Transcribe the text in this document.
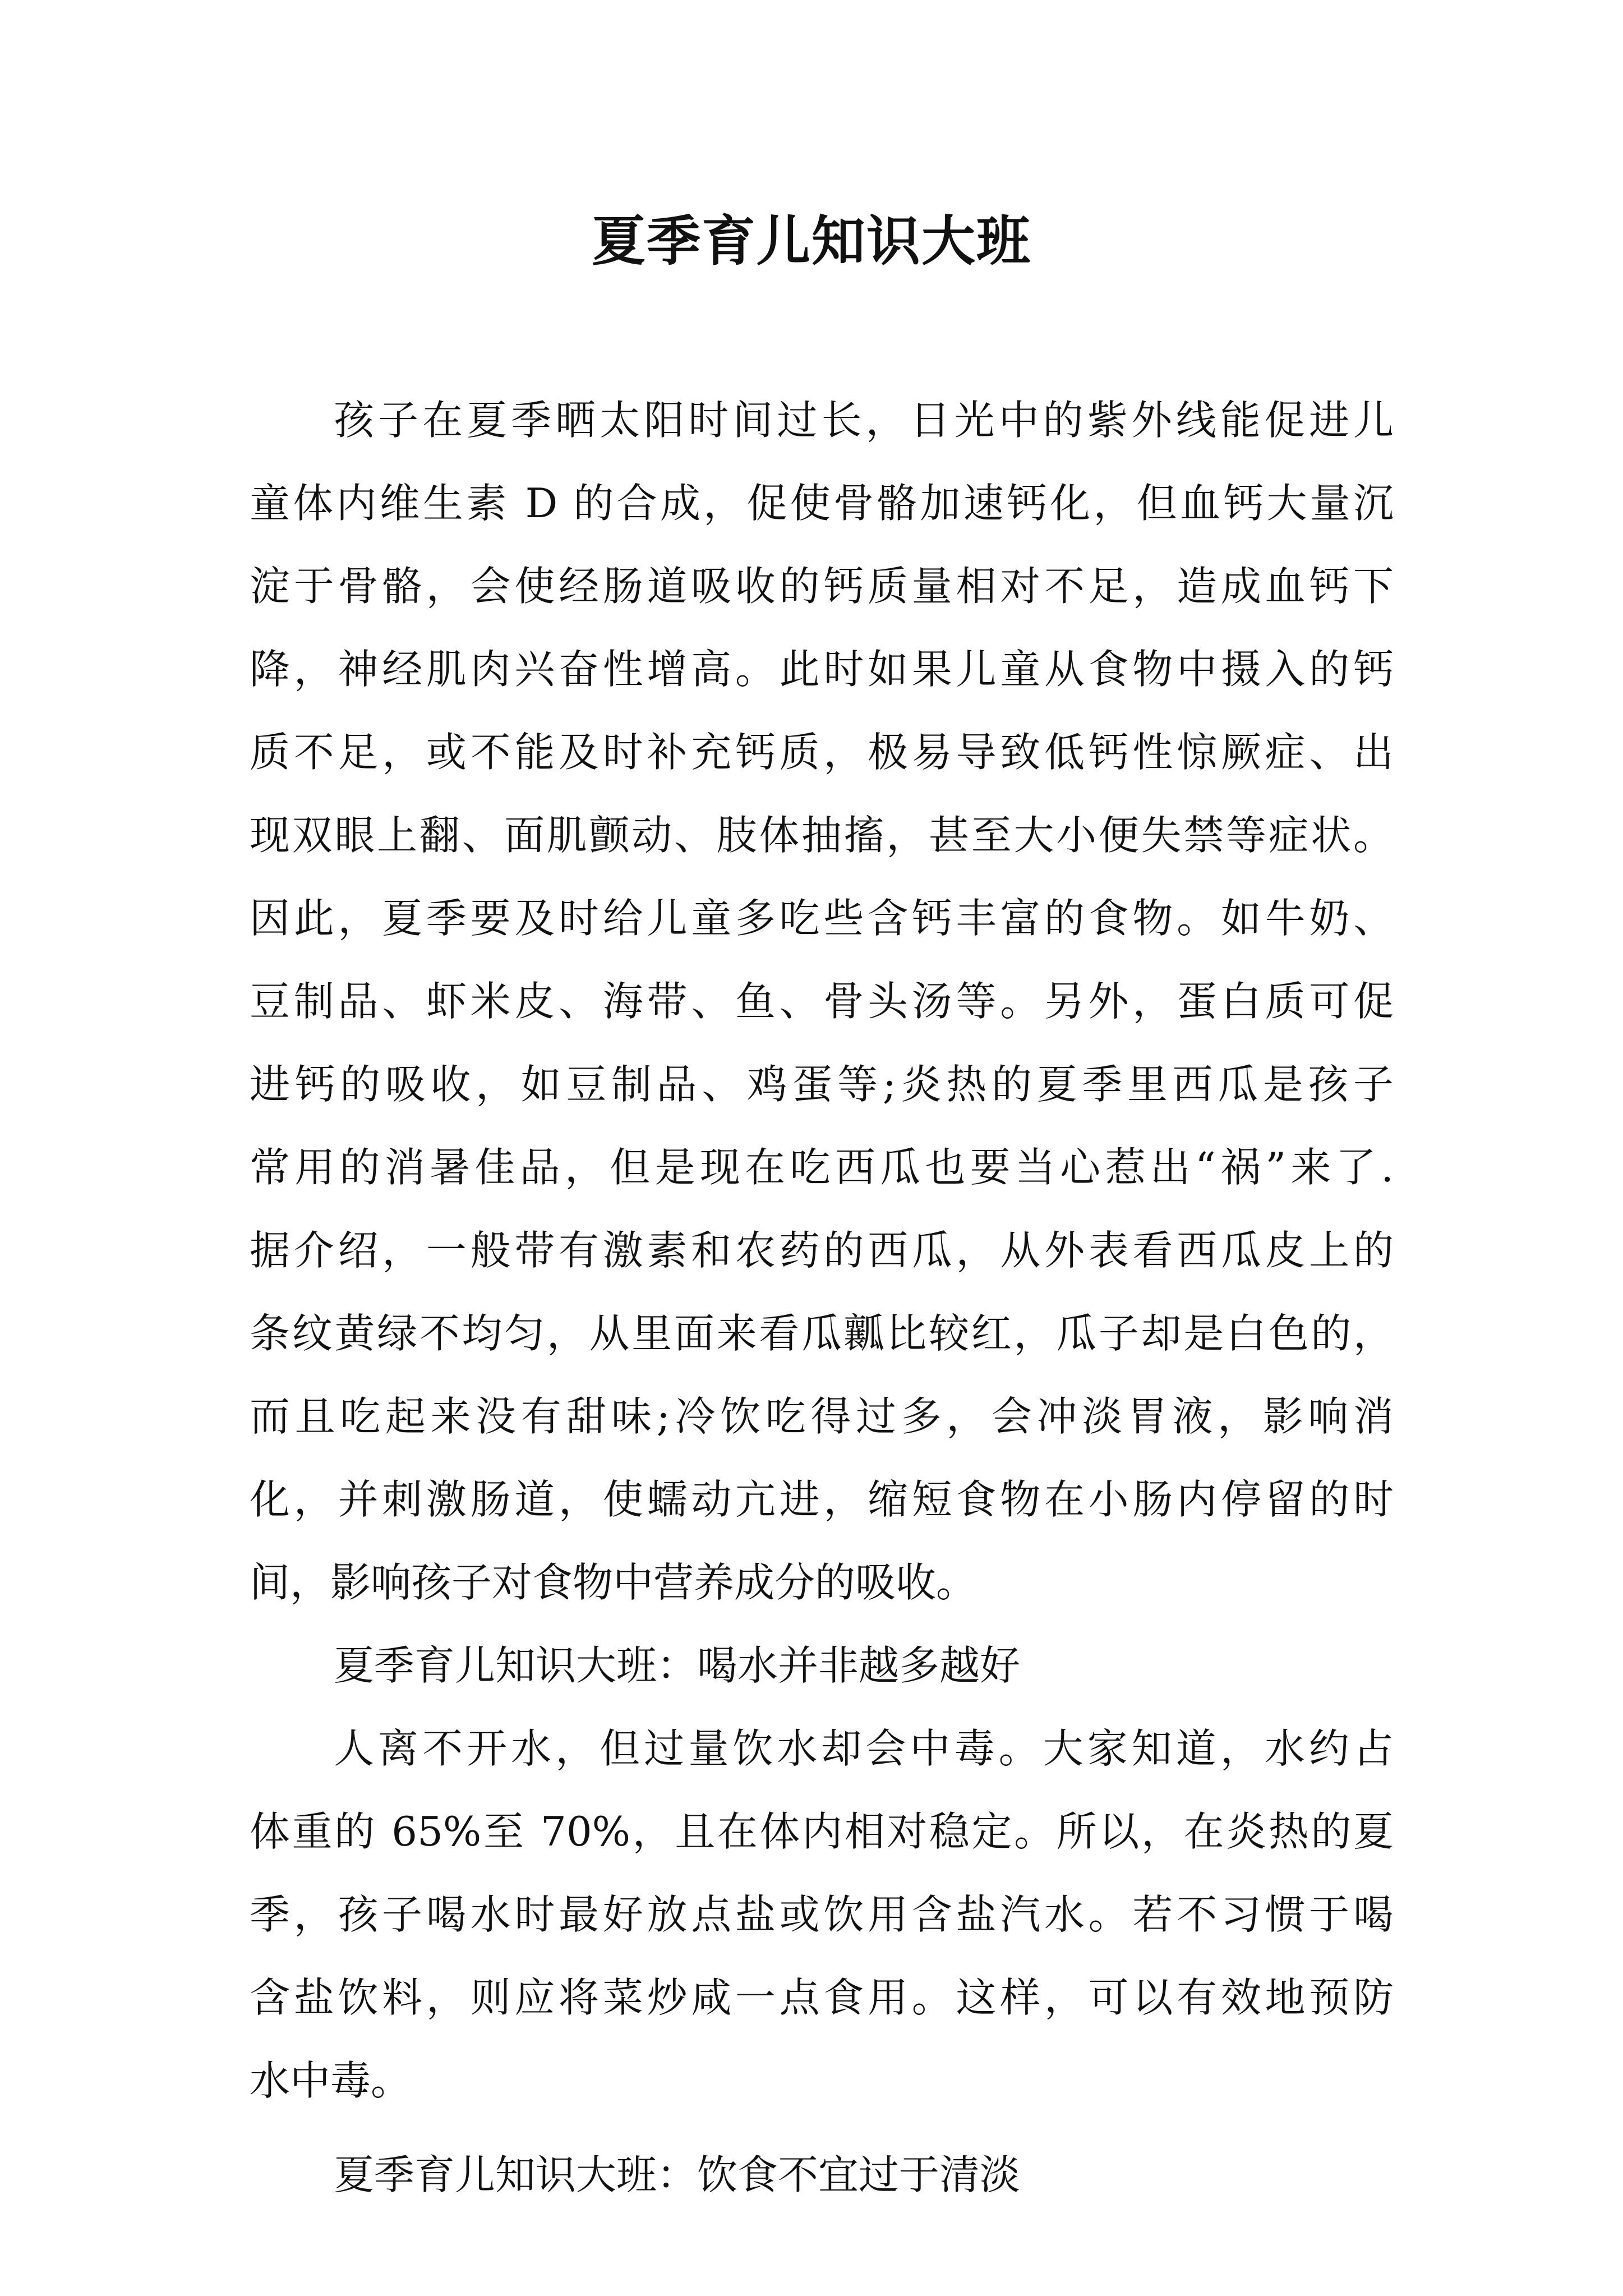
夏季育儿知识大班
孩子在夏季晒太阳时间过长，日光中的紫外线能促进儿
童体内维生素 D 的合成，促使骨骼加速钙化，但血钙大量沉
淀于骨骼，会使经肠道吸收的钙质量相对不足，造成血钙下
降，神经肌肉兴奋性增高。此时如果儿童从食物中摄入的钙
质不足，或不能及时补充钙质，极易导致低钙性惊厥症、出
现双眼上翻、面肌颤动、肢体抽搐，甚至大小便失禁等症状。
因此，夏季要及时给儿童多吃些含钙丰富的食物。如牛奶、
豆制品、虾米皮、海带、鱼、骨头汤等。另外，蛋白质可促
进钙的吸收，如豆制品、鸡蛋等;炎热的夏季里西瓜是孩子
常用的消暑佳品，但是现在吃西瓜也要当心惹出“祸”来了.
据介绍，一般带有激素和农药的西瓜，从外表看西瓜皮上的
条纹黄绿不均匀，从里面来看瓜瓤比较红，瓜子却是白色的，
而且吃起来没有甜味;冷饮吃得过多，会冲淡胃液，影响消
化，并刺激肠道，使蠕动亢进，缩短食物在小肠内停留的时
间，影响孩子对食物中营养成分的吸收。
夏季育儿知识大班：喝水并非越多越好
人离不开水，但过量饮水却会中毒。大家知道，水约占
体重的 65%至 70%，且在体内相对稳定。所以，在炎热的夏
季，孩子喝水时最好放点盐或饮用含盐汽水。若不习惯于喝
含盐饮料，则应将菜炒咸一点食用。这样，可以有效地预防
水中毒。
夏季育儿知识大班：饮食不宜过于清淡
